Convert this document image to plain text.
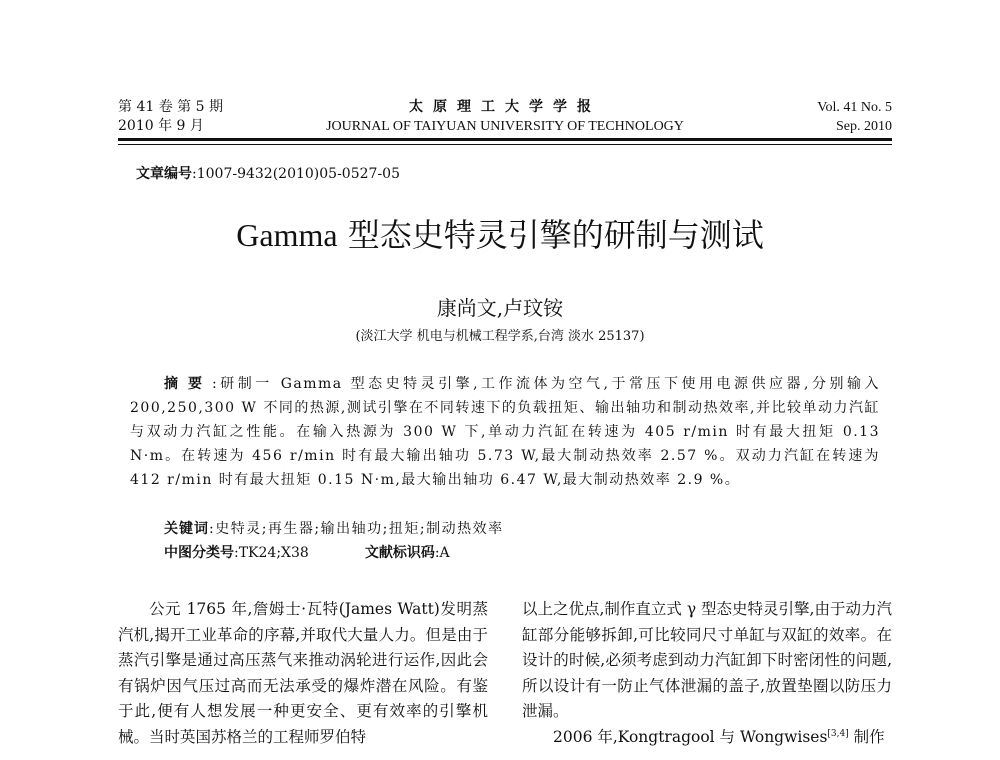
第 41 卷 第 5 期
2010 年 9 月
太原理工大学学报
JOURNAL OF TAIYUAN UNIVERSITY OF TECHNOLOGY
Vol. 41 No. 5
Sep. 2010
文章编号:1007-9432(2010)05-0527-05
Gamma 型态史特灵引擎的研制与测试
康尚文,卢玟铵
(淡江大学 机电与机械工程学系,台湾 淡水 25137)
摘要:研制一 Gamma 型态史特灵引擎,工作流体为空气,于常压下使用电源供应器,分别输入 200,250,300 W 不同的热源,测试引擎在不同转速下的负载扭矩、输出轴功和制动热效率,并比较单动力汽缸与双动力汽缸之性能。在输入热源为 300 W 下,单动力汽缸在转速为 405 r/min 时有最大扭矩 0.13 N·m。在转速为 456 r/min 时有最大输出轴功 5.73 W,最大制动热效率 2.57 %。双动力汽缸在转速为 412 r/min 时有最大扭矩 0.15 N·m,最大输出轴功 6.47 W,最大制动热效率 2.9 %。
关键词:史特灵;再生器;输出轴功;扭矩;制动热效率
中图分类号:TK24;X38	文献标识码:A

公元 1765 年,詹姆士·瓦特(James Watt)发明蒸汽机,揭开工业革命的序幕,并取代大量人力。但是由于蒸汽引擎是通过高压蒸气来推动涡轮进行运作,因此会有锅炉因气压过高而无法承受的爆炸潜在风险。有鉴于此,便有人想发展一种更安全、更有效率的引擎机械。当时英国苏格兰的工程师罗伯特

以上之优点,制作直立式 γ 型态史特灵引擎,由于动力汽缸部分能够拆卸,可比较同尺寸单缸与双缸的效率。在设计的时候,必须考虑到动力汽缸卸下时密闭性的问题,所以设计有一防止气体泄漏的盖子,放置垫圈以防压力泄漏。

2006 年,Kongtragool 与 Wongwises[3,4] 制作
